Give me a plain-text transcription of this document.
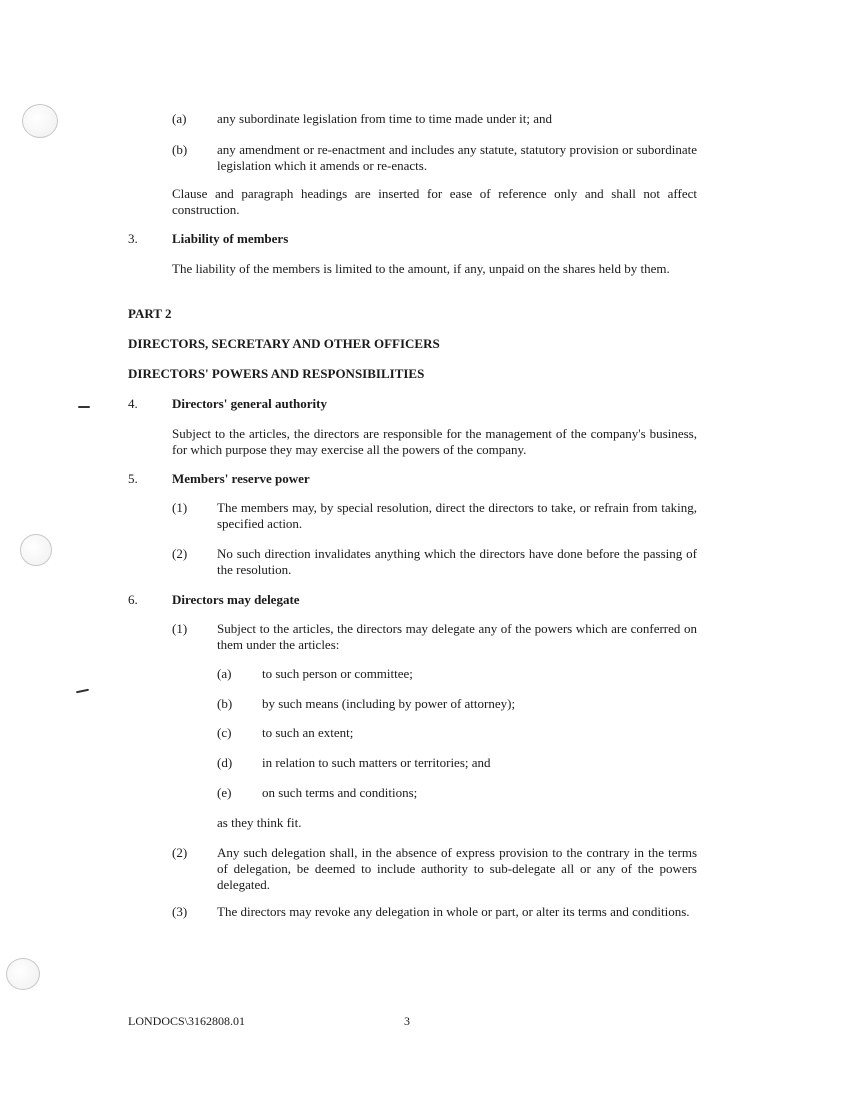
(a) any subordinate legislation from time to time made under it; and
(b) any amendment or re-enactment and includes any statute, statutory provision or subordinate legislation which it amends or re-enacts.
Clause and paragraph headings are inserted for ease of reference only and shall not affect construction.
3.	Liability of members
The liability of the members is limited to the amount, if any, unpaid on the shares held by them.
PART 2
DIRECTORS, SECRETARY AND OTHER OFFICERS
DIRECTORS' POWERS AND RESPONSIBILITIES
4.	Directors' general authority
Subject to the articles, the directors are responsible for the management of the company's business, for which purpose they may exercise all the powers of the company.
5.	Members' reserve power
(1) The members may, by special resolution, direct the directors to take, or refrain from taking, specified action.
(2) No such direction invalidates anything which the directors have done before the passing of the resolution.
6.	Directors may delegate
(1) Subject to the articles, the directors may delegate any of the powers which are conferred on them under the articles:
(a) to such person or committee;
(b) by such means (including by power of attorney);
(c) to such an extent;
(d) in relation to such matters or territories; and
(e) on such terms and conditions;
as they think fit.
(2) Any such delegation shall, in the absence of express provision to the contrary in the terms of delegation, be deemed to include authority to sub-delegate all or any of the powers delegated.
(3) The directors may revoke any delegation in whole or part, or alter its terms and conditions.
LONDOCS\3162808.01	3
